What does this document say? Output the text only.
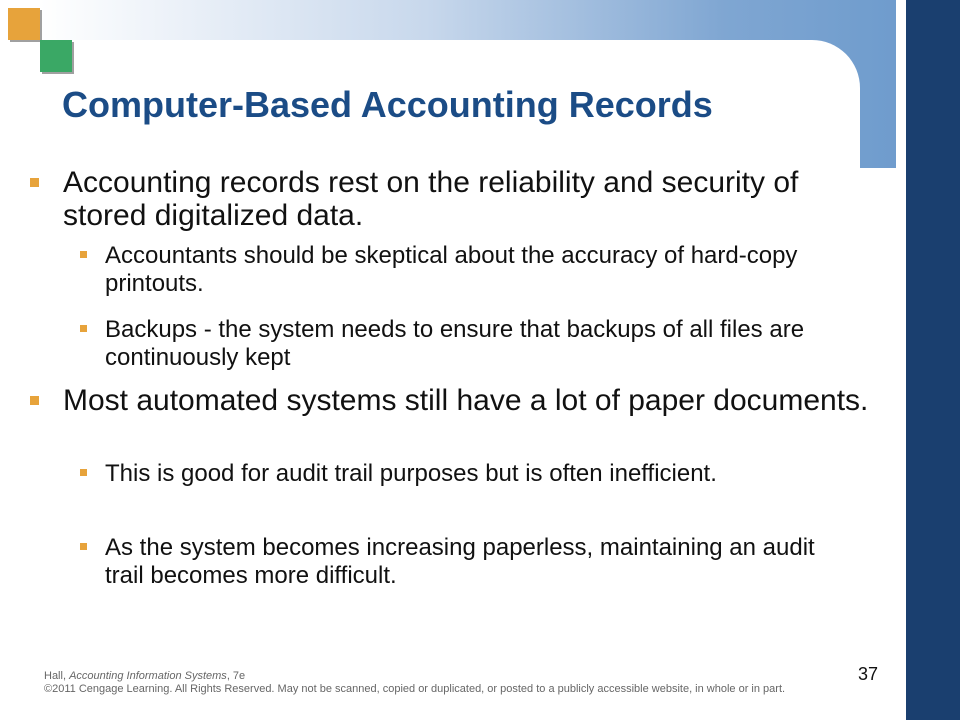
Computer-Based Accounting Records
Accounting records rest on the reliability and security of stored digitalized data.
Accountants should be skeptical about the accuracy of hard-copy printouts.
Backups - the system needs to ensure that backups of all files are continuously kept
Most automated systems still have a lot of paper documents.
This is good for audit trail purposes but is often inefficient.
As the system becomes increasing paperless, maintaining an audit trail becomes more difficult.
Hall, Accounting Information Systems, 7e
©2011 Cengage Learning. All Rights Reserved. May not be scanned, copied or duplicated, or posted to a publicly accessible website, in whole or in part.
37
